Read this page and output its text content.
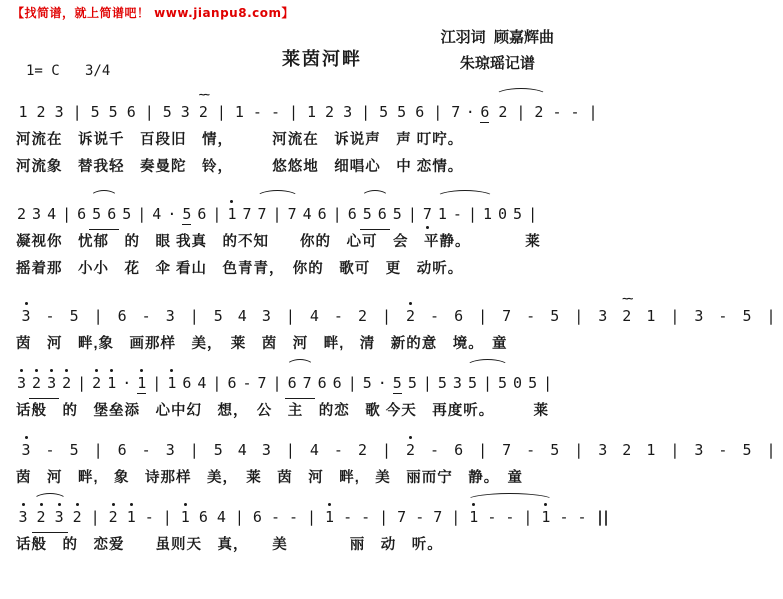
【找简谱，就上简谱吧！ www.jianpu8.com】
1= C   3/4
莱茵河畔
江羽词  顾嘉辉曲
朱琼瑶记谱
1 2 3 | 5 5 6 | 5 3 2 ~~ | 1 - - | 1 2 3 | 5 5 6 | 7 · 6 2 | 2 - - |
河流在　诉说千　百段旧　情，　　　河流在　诉说声　声 叮咛。
河流象　替我轻　奏曼陀　铃，　　　悠悠地　细唱心　中 恋情。
2 3 4 | 6 5 6 5 | 4 · 5 6 | 1 7 7 | 7 4 6 | 6 5 6 5 | 7 1 - | 1 0 5 |
凝视你　忧郁　的　眼 我真　的不知　　你的　心可　会　平静。　　　　莱
摇着那　小小　花　伞 看山　色青青，　你的　歌可　更　动听。
3 - 5 | 6 - 3 | 5 4 3 | 4 - 2 | 2 - 6 | 7 - 5 | 3 2 ~~ 1 | 3 - 5 |
茵　河　畔,象　画那样　美，　莱　茵　河　畔,　清　新的意　境。　童
3 2 3 2 | 2 1 · 1 | 1 6 4 | 6 - 7 | 6 7 6 6 | 5 · 5 5 | 5 3 5 | 5 0 5 |
话般　的　堡垒添　心中幻　想，　公　主　的恋　歌 今天　再度听。　　　莱
3 - 5 | 6 - 3 | 5 4 3 | 4 - 2 | 2 - 6 | 7 - 5 | 3 2 1 | 3 - 5 |
茵　河　畔,　象　诗那样　美，　莱　茵　河　畔,　美　丽而宁　静。　童
3 2 3 2 | 2 1 - | 1 6 4 | 6 - - | 1 - - | 7 - 7 | 1 - - | 1 - - ||
话般　的　恋爱　　虽则天　真，　　美　　　　丽　动　听。
